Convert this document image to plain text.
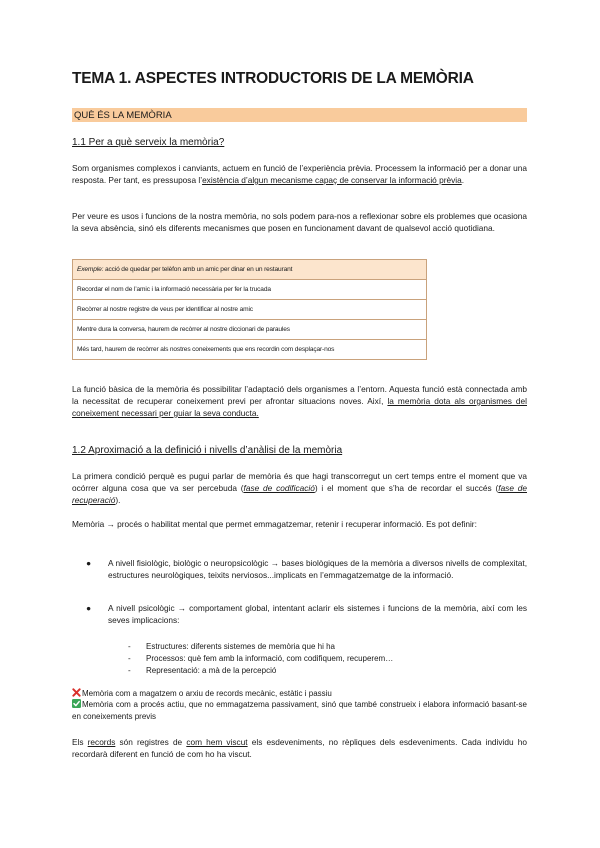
TEMA 1. ASPECTES INTRODUCTORIS DE LA MEMÒRIA
QUÈ ÉS LA MEMÒRIA
1.1 Per a què serveix la memòria?
Som organismes complexos i canviants, actuem en funció de l’experiència prèvia. Processem la informació per a donar una resposta. Per tant, es pressuposa l’existència d’algun mecanisme capaç de conservar la informació prèvia.
Per veure es usos i funcions de la nostra memòria, no sols podem para-nos a reflexionar sobre els problemes que ocasiona la seva absència, sinó els diferents mecanismes que posen en funcionament davant de qualsevol acció quotidiana.
Exemple: acció de quedar per telèfon amb un amic per dinar en un restaurant
Recordar el nom de l’amic i la informació necessària per fer la trucada
Recòrrer al nostre registre de veus per identificar al nostre amic
Mentre dura la conversa, haurem de recòrrer al nostre diccionari de paraules
Més tard, haurem de recòrrer als nostres coneixements que ens recordin com desplaçar-nos
La funció bàsica de la memòria és possibilitar l’adaptació dels organismes a l’entorn. Aquesta funció està connectada amb la necessitat de recuperar coneixement previ per afrontar situacions noves. Així, la memòria dota als organismes del coneixement necessari per guiar la seva conducta.
1.2 Aproximació a la definició i nivells d’anàlisi de la memòria
La primera condició perquè es pugui parlar de memòria és que hagi transcorregut un cert temps entre el moment que va ocórrer alguna cosa que va ser percebuda (fase de codificació) i el moment que s’ha de recordar el succés (fase de recuperació).
Memòria → procés o habilitat mental que permet emmagatzemar, retenir i recuperar informació. Es pot definir:
● A nivell fisiològic, biològic o neuropsicològic → bases biològiques de la memòria a diversos nivells de complexitat, estructures neurològiques, teixits nerviosos...implicats en l’emmagatzematge de la informació.
● A nivell psicològic → comportament global, intentant aclarir els sistemes i funcions de la memòria, així com les seves implicacions:
- Estructures: diferents sistemes de memòria que hi ha
- Processos: què fem amb la informació, com codifiquem, recuperem…
- Representació: a mà de la percepció
Memòria com a magatzem o arxiu de records mecànic, estàtic i passiu
Memòria com a procés actiu, que no emmagatzema passivament, sinó que també construeix i elabora informació basant-se en coneixements previs
Els records són registres de com hem viscut els esdeveniments, no rèpliques dels esdeveniments. Cada individu ho recordarà diferent en funció de com ho ha viscut.
